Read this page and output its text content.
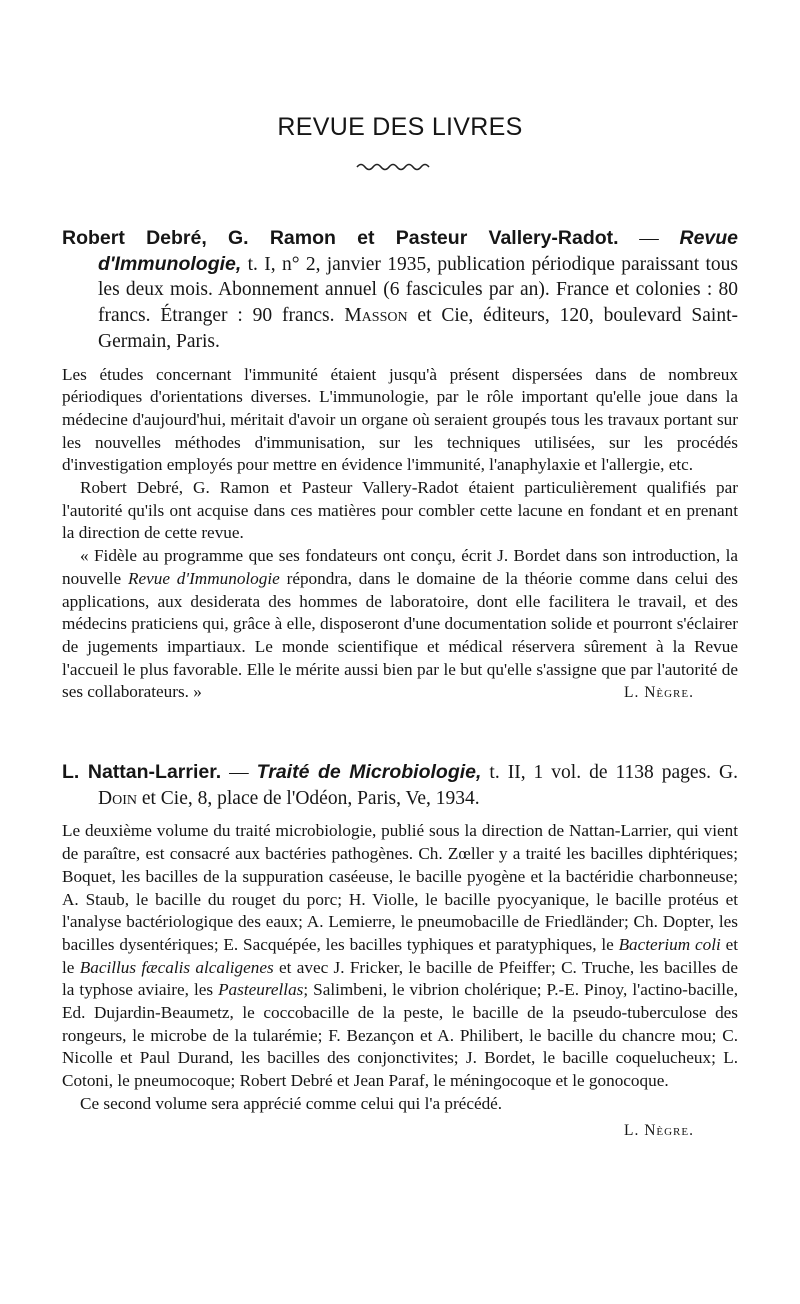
REVUE DES LIVRES

Robert Debré, G. Ramon et Pasteur Vallery-Radot. — Revue d'Immunologie, t. I, n° 2, janvier 1935, publication périodique paraissant tous les deux mois. Abonnement annuel (6 fascicules par an). France et colonies : 80 francs. Étranger : 90 francs. Masson et Cie, éditeurs, 120, boulevard Saint-Germain, Paris.

Les études concernant l'immunité étaient jusqu'à présent dispersées dans de nombreux périodiques d'orientations diverses. L'immunologie, par le rôle important qu'elle joue dans la médecine d'aujourd'hui, méritait d'avoir un organe où seraient groupés tous les travaux portant sur les nouvelles méthodes d'immunisation, sur les techniques utilisées, sur les procédés d'investigation employés pour mettre en évidence l'immunité, l'anaphylaxie et l'allergie, etc.

Robert Debré, G. Ramon et Pasteur Vallery-Radot étaient particulièrement qualifiés par l'autorité qu'ils ont acquise dans ces matières pour combler cette lacune en fondant et en prenant la direction de cette revue.

« Fidèle au programme que ses fondateurs ont conçu, écrit J. Bordet dans son introduction, la nouvelle Revue d'Immunologie répondra, dans le domaine de la théorie comme dans celui des applications, aux desiderata des hommes de laboratoire, dont elle facilitera le travail, et des médecins praticiens qui, grâce à elle, disposeront d'une documentation solide et pourront s'éclairer de jugements impartiaux. Le monde scientifique et médical réservera sûrement à la Revue l'accueil le plus favorable. Elle le mérite aussi bien par le but qu'elle s'assigne que par l'autorité de ses collaborateurs. »	L. Nègre.

L. Nattan-Larrier. — Traité de Microbiologie, t. II, 1 vol. de 1138 pages. G. Doin et Cie, 8, place de l'Odéon, Paris, Ve, 1934.

Le deuxième volume du traité microbiologie, publié sous la direction de Nattan-Larrier, qui vient de paraître, est consacré aux bactéries pathogènes. Ch. Zœller y a traité les bacilles diphtériques; Boquet, les bacilles de la suppuration caséeuse, le bacille pyogène et la bactéridie charbonneuse; A. Staub, le bacille du rouget du porc; H. Violle, le bacille pyocyanique, le bacille protéus et l'analyse bactériologique des eaux; A. Lemierre, le pneumobacille de Friedländer; Ch. Dopter, les bacilles dysentériques; E. Sacquépée, les bacilles typhiques et paratyphiques, le Bacterium coli et le Bacillus fæcalis alcaligenes et avec J. Fricker, le bacille de Pfeiffer; C. Truche, les bacilles de la typhose aviaire, les Pasteurellas; Salimbeni, le vibrion cholérique; P.-E. Pinoy, l'actino-bacille, Ed. Dujardin-Beaumetz, le coccobacille de la peste, le bacille de la pseudo-tuberculose des rongeurs, le microbe de la tularémie; F. Bezançon et A. Philibert, le bacille du chancre mou; C. Nicolle et Paul Durand, les bacilles des conjonctivites; J. Bordet, le bacille coquelucheux; L. Cotoni, le pneumocoque; Robert Debré et Jean Paraf, le méningocoque et le gonocoque.

Ce second volume sera apprécié comme celui qui l'a précédé.

L. Nègre.
